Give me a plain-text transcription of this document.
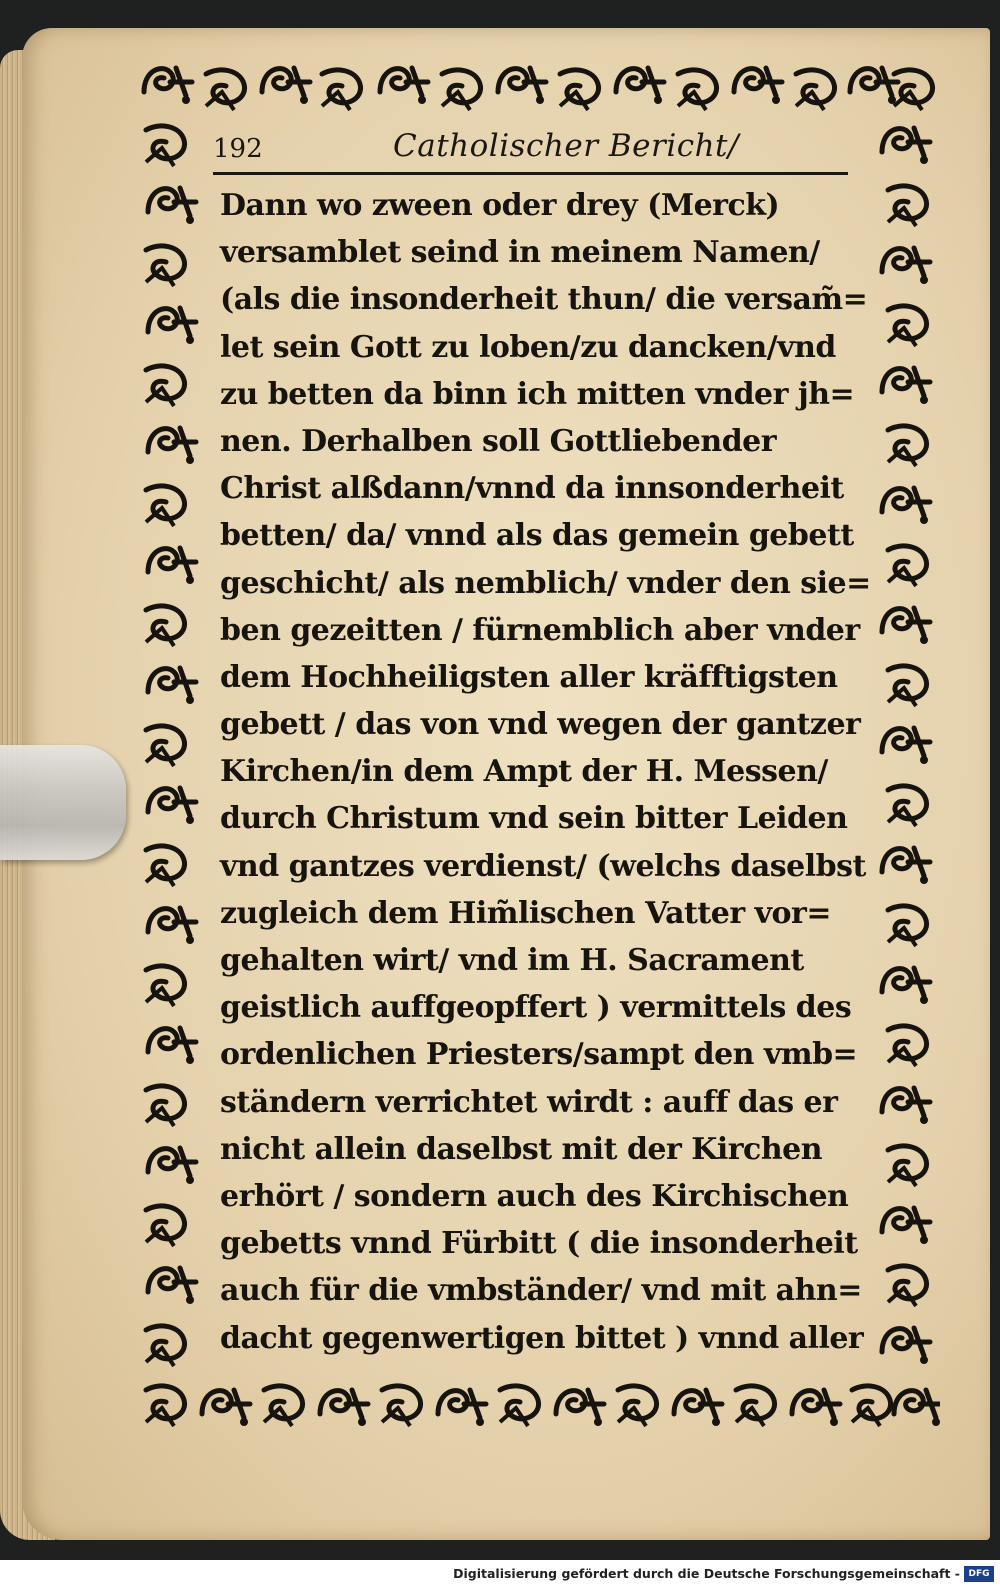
192	Catholischer Bericht/
Dann wo zween oder drey (Merck)
versamblet seind in meinem Namen/
(als die insonderheit thun/ die versam̃=
let sein Gott zu loben/zu dancken/vnd
zu betten da binn ich mitten vnder jh=
nen. Derhalben soll Gottliebender
Christ alßdann/vnnd da innsonderheit
betten/ da/ vnnd als das gemein gebett
geschicht/ als nemblich/ vnder den sie=
ben gezeitten / fürnemblich aber vnder
dem Hochheiligsten aller kräfftigsten
gebett / das von vnd wegen der gantzer
Kirchen/in dem Ampt der H. Messen/
durch Christum vnd sein bitter Leiden
vnd gantzes verdienst/ (welchs daselbst
zugleich dem Him̃lischen Vatter vor=
gehalten wirt/ vnd im H. Sacrament
geistlich auffgeopffert ) vermittels des
ordenlichen Priesters/sampt den vmb=
ständern verrichtet wirdt : auff das er
nicht allein daselbst mit der Kirchen
erhört / sondern auch des Kirchischen
gebetts vnnd Fürbitt ( die insonderheit
auch für die vmbständer/ vnd mit ahn=
dacht gegenwertigen bittet ) vnnd aller
Digitalisierung gefördert durch die Deutsche Forschungsgemeinschaft - DFG
